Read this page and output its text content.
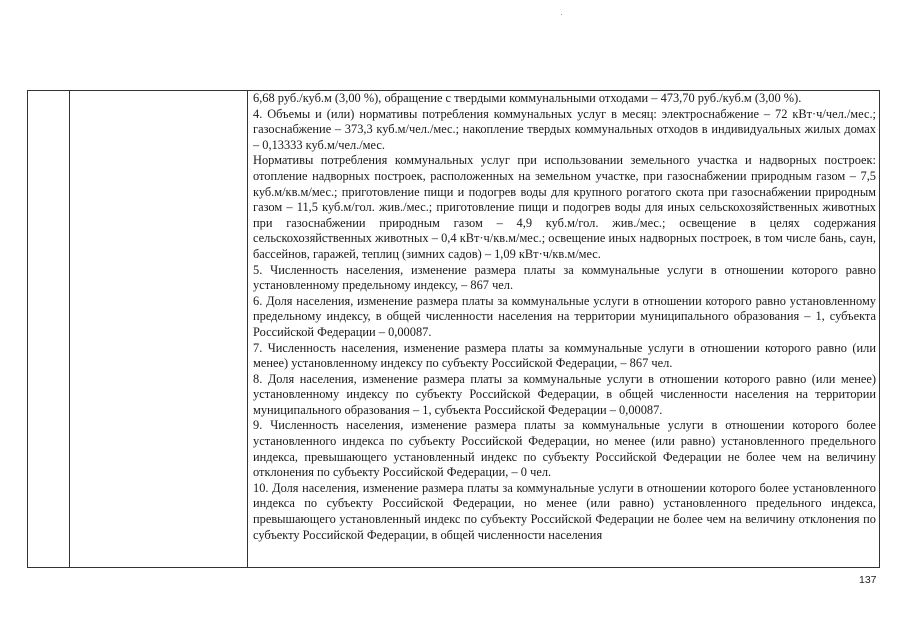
6,68 руб./куб.м (3,00 %), обращение с твердыми коммунальными отходами – 473,70 руб./куб.м (3,00 %).

4. Объемы и (или) нормативы потребления коммунальных услуг в месяц: электроснабжение – 72 кВт·ч/чел./мес.; газоснабжение – 373,3 куб.м/чел./мес.; накопление твердых коммунальных отходов в индивидуальных жилых домах – 0,13333 куб.м/чел./мес.

Нормативы потребления коммунальных услуг при использовании земельного участка и надворных построек: отопление надворных построек, расположенных на земельном участке, при газоснабжении природным газом – 7,5 куб.м/кв.м/мес.; приготовление пищи и подогрев воды для крупного рогатого скота при газоснабжении природным газом – 11,5 куб.м/гол. жив./мес.; приготовление пищи и подогрев воды для иных сельскохозяйственных животных при газоснабжении природным газом – 4,9 куб.м/гол. жив./мес.; освещение в целях содержания сельскохозяйственных животных – 0,4 кВт·ч/кв.м/мес.; освещение иных надворных построек, в том числе бань, саун, бассейнов, гаражей, теплиц (зимних садов) – 1,09 кВт·ч/кв.м/мес.

5. Численность населения, изменение размера платы за коммунальные услуги в отношении которого равно установленному предельному индексу, – 867 чел.

6. Доля населения, изменение размера платы за коммунальные услуги в отношении которого равно установленному предельному индексу, в общей численности населения на территории муниципального образования – 1, субъекта Российской Федерации – 0,00087.

7. Численность населения, изменение размера платы за коммунальные услуги в отношении которого равно (или менее) установленному индексу по субъекту Российской Федерации, – 867 чел.

8. Доля населения, изменение размера платы за коммунальные услуги в отношении которого равно (или менее) установленному индексу по субъекту Российской Федерации, в общей численности населения на территории муниципального образования – 1, субъекта Российской Федерации – 0,00087.

9. Численность населения, изменение размера платы за коммунальные услуги в отношении которого более установленного индекса по субъекту Российской Федерации, но менее (или равно) установленного предельного индекса, превышающего установленный индекс по субъекту Российской Федерации не более чем на величину отклонения по субъекту Российской Федерации, – 0 чел.

10. Доля населения, изменение размера платы за коммунальные услуги в отношении которого более установленного индекса по субъекту Российской Федерации, но менее (или равно) установленного предельного индекса, превышающего установленный индекс по субъекту Российской Федерации не более чем на величину отклонения по субъекту Российской Федерации, в общей численности населения

137
